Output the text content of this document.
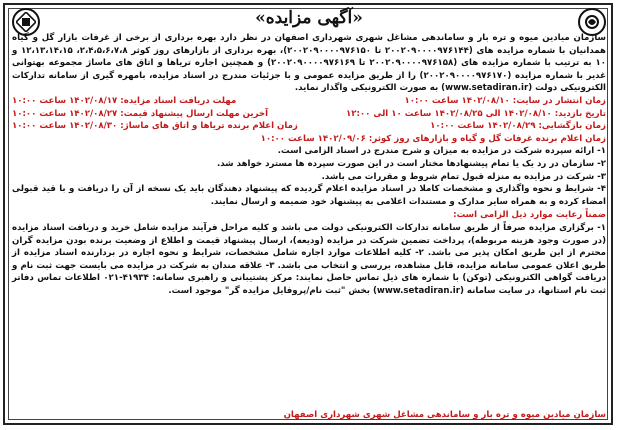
«آگهی مزایده»

سازمان میادین میوه و تره بار و ساماندهی مشاغل شهری شهرداری اصفهان در نظر دارد بهره برداری از برخی از غرفات بازار گل و گیاه همدانیان با شماره مزایده های (۲۰۰۲۰۹۰۰۰۰۹۷۶۱۴۴ تا ۲۰۰۲۰۹۰۰۰۰۹۷۶۱۵۰)، بهره برداری از بازارهای روز کوثر ۲،۴،۵،۶،۷،۸، ۱۲،۱۳،۱۴،۱۵ و ۱۰ به ترتیب با شماره مزایده های (۲۰۰۲۰۹۰۰۰۰۹۷۶۱۵۸ تا ۲۰۰۲۰۹۰۰۰۰۹۷۶۱۶۹) و همچنین اجاره تریاها و اتاق های ماساژ مجموعه بهتوانی غدیر با شماره مزایده (۲۰۰۲۰۹۰۰۰۰۹۷۶۱۷۰) را از طریق مزایده عمومی و با جزئیات مندرج در اسناد مزایده، بامهره گیری از سامانه تدارکات الکترونیکی دولت (www.setadiran.ir) به صورت الکترونیکی واگذار نماید.

زمان انتشار در سایت: ۱۴۰۲/۰۸/۱۰ ساعت ۱۰:۰۰
مهلت دریافت اسناد مزایده: ۱۴۰۲/۰۸/۱۷ ساعت ۱۰:۰۰
تاریخ بازدید: ۱۴۰۲/۰۸/۱۰ الی ۱۴۰۲/۰۸/۲۵ ساعت ۱۰ الی ۱۲:۰۰
آخرین مهلت ارسال پیشنهاد قیمت: ۱۴۰۲/۰۸/۲۷ ساعت ۱۰:۰۰
زمان بازگشایی: ۱۴۰۲/۰۸/۲۹ ساعت ۱۰:۰۰
زمان اعلام برنده تریاها و اتاق های ماساژ: ۱۴۰۲/۰۸/۳۰ ساعت ۱۰:۰۰
زمان اعلام برنده غرفات گل و گیاه و بازارهای روز کوثر: ۱۴۰۲/۰۹/۰۶ ساعت ۱۰:۰۰

۱- ارائه سپرده شرکت در مزایده به میزان و شرح مندرج در اسناد الزامی است.

۲- سازمان در رد یک یا تمام پیشنهادها مختار است در این صورت سپرده ها مسترد خواهد شد.

۳- شرکت در مزایده به منزله قبول تمام شروط و مقررات می باشد.

۴- شرایط و نحوه واگذاری و مشخصات کاملا در اسناد مزایده اعلام گردیده که پیشنهاد دهندگان باید یک نسخه از آن را دریافت و با قید قبولی امضاء کرده و به همراه سایر مدارک و مستندات اعلامی به پیشنهاد خود ضمیمه و ارسال نمایند.

ضمناً رعایت موارد ذیل الزامی است:

۱- برگزاری مزایده صرفاً از طریق سامانه تدارکات الکترونیکی دولت می باشد و کلیه مراحل فرآیند مزایده شامل خرید و دریافت اسناد مزایده (در صورت وجود هزینه مربوطه)، پرداخت تضمین شرکت در مزایده (ودیعه)، ارسال پیشنهاد قیمت و اطلاع از وضعیت برنده بودن مزایده گران محترم از این طریق امکان پذیر می باشد. ۲- کلیه اطلاعات موارد اجاره شامل مشخصات، شرایط و نحوه اجاره در بردارنده اسناد مزایده از طریق اعلان عمومی سامانه مزایده، قابل مشاهده، بررسی و انتخاب می باشد. ۳- علاقه مندان به شرکت در مزایده می بایست جهت ثبت نام و دریافت گواهی الکترونیکی (توکن) با شماره های ذیل تماس حاصل نمایند: مرکز پشتیبانی و راهبری سامانه: ۴۱۹۳۴-۰۲۱ اطلاعات تماس دفاتر ثبت نام استانها، در سایت سامانه (www.setadiran.ir) بخش "ثبت نام/پروفایل مزایده گر" موجود است.

سازمان میادین میوه و تره بار و ساماندهی مشاغل شهری شهرداری اصفهان
